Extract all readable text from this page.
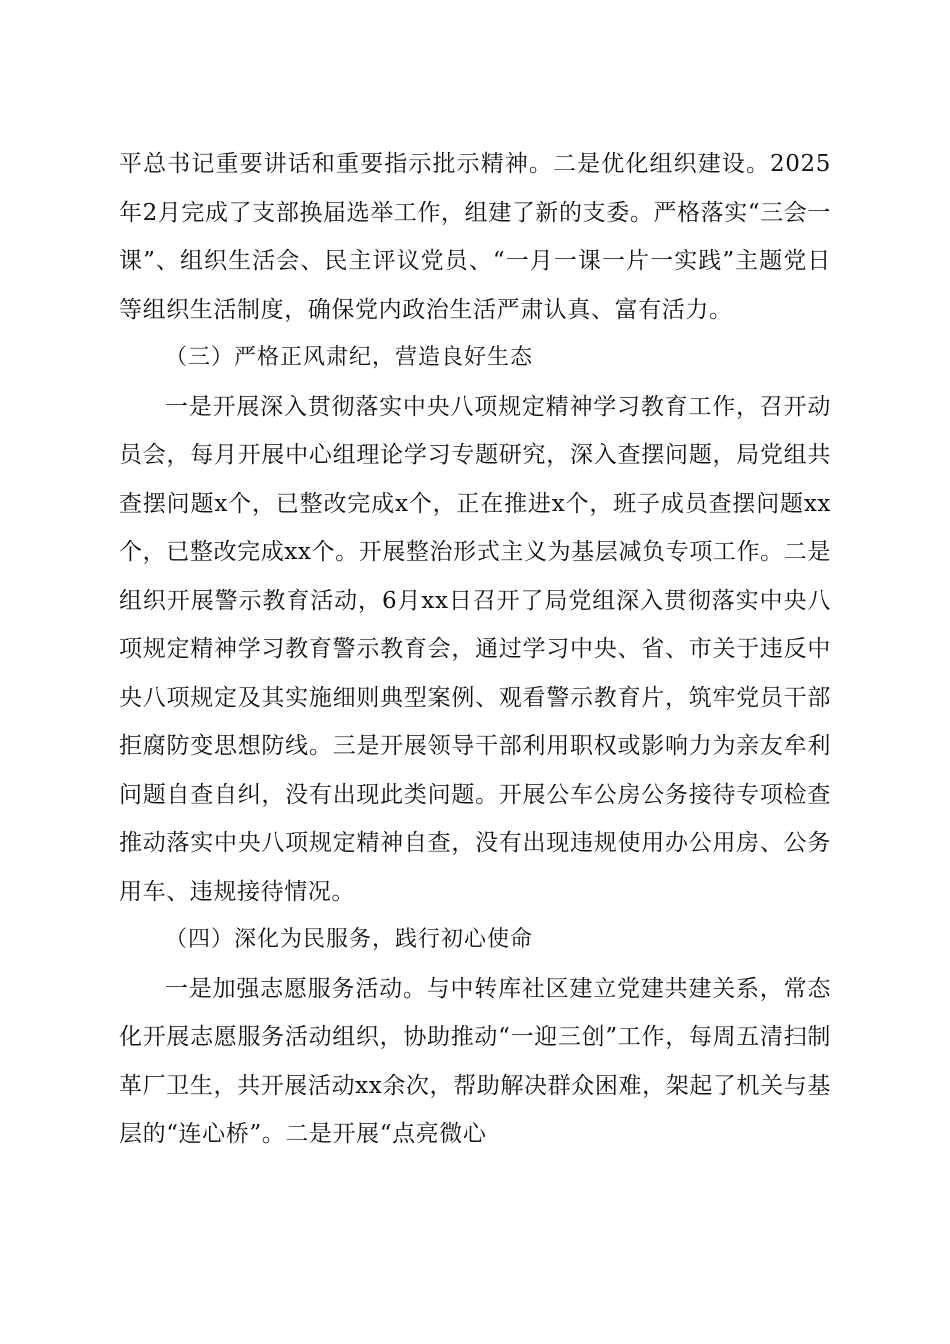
平总书记重要讲话和重要指示批示精神。二是优化组织建设。2025年2月完成了支部换届选举工作，组建了新的支委。严格落实“三会一课”、组织生活会、民主评议党员、“一月一课一片一实践”主题党日等组织生活制度，确保党内政治生活严肃认真、富有活力。

（三）严格正风肃纪，营造良好生态

一是开展深入贯彻落实中央八项规定精神学习教育工作，召开动员会，每月开展中心组理论学习专题研究，深入查摆问题，局党组共查摆问题x个，已整改完成x个，正在推进x个，班子成员查摆问题xx个，已整改完成xx个。开展整治形式主义为基层减负专项工作。二是组织开展警示教育活动，6月xx日召开了局党组深入贯彻落实中央八项规定精神学习教育警示教育会，通过学习中央、省、市关于违反中央八项规定及其实施细则典型案例、观看警示教育片，筑牢党员干部拒腐防变思想防线。三是开展领导干部利用职权或影响力为亲友牟利问题自查自纠，没有出现此类问题。开展公车公房公务接待专项检查推动落实中央八项规定精神自查，没有出现违规使用办公用房、公务用车、违规接待情况。

（四）深化为民服务，践行初心使命

一是加强志愿服务活动。与中转库社区建立党建共建关系，常态化开展志愿服务活动组织，协助推动“一迎三创”工作，每周五清扫制革厂卫生，共开展活动xx余次，帮助解决群众困难，架起了机关与基层的“连心桥”。二是开展“点亮微心
